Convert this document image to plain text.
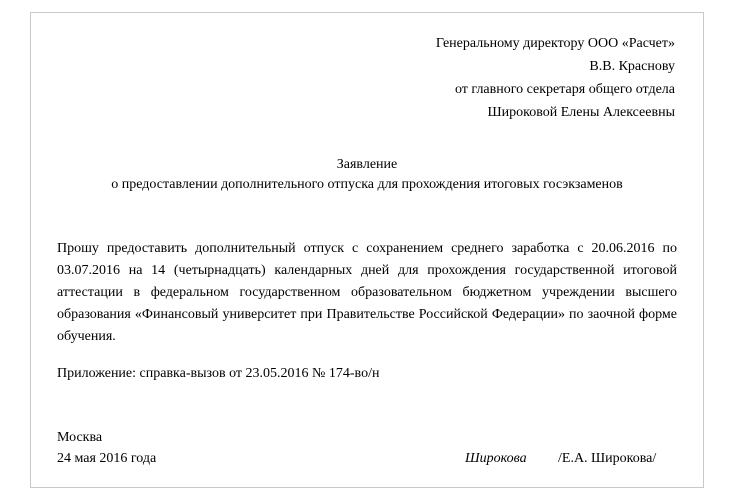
Генеральному директору ООО «Расчет»
В.В. Краснову
от главного секретаря общего отдела
Широковой Елены Алексеевны
Заявление
о предоставлении дополнительного отпуска для прохождения итоговых госэкзаменов
Прошу предоставить дополнительный отпуск с сохранением среднего заработка с 20.06.2016 по 03.07.2016 на 14 (четырнадцать) календарных дней для прохождения государственной итоговой аттестации в федеральном государственном образовательном бюджетном учреждении высшего образования «Финансовый университет при Правительстве Российской Федерации» по заочной форме обучения.
Приложение: справка-вызов от 23.05.2016 № 174-во/н
Москва
24 мая 2016 года	Широкова /Е.А. Широкова/
